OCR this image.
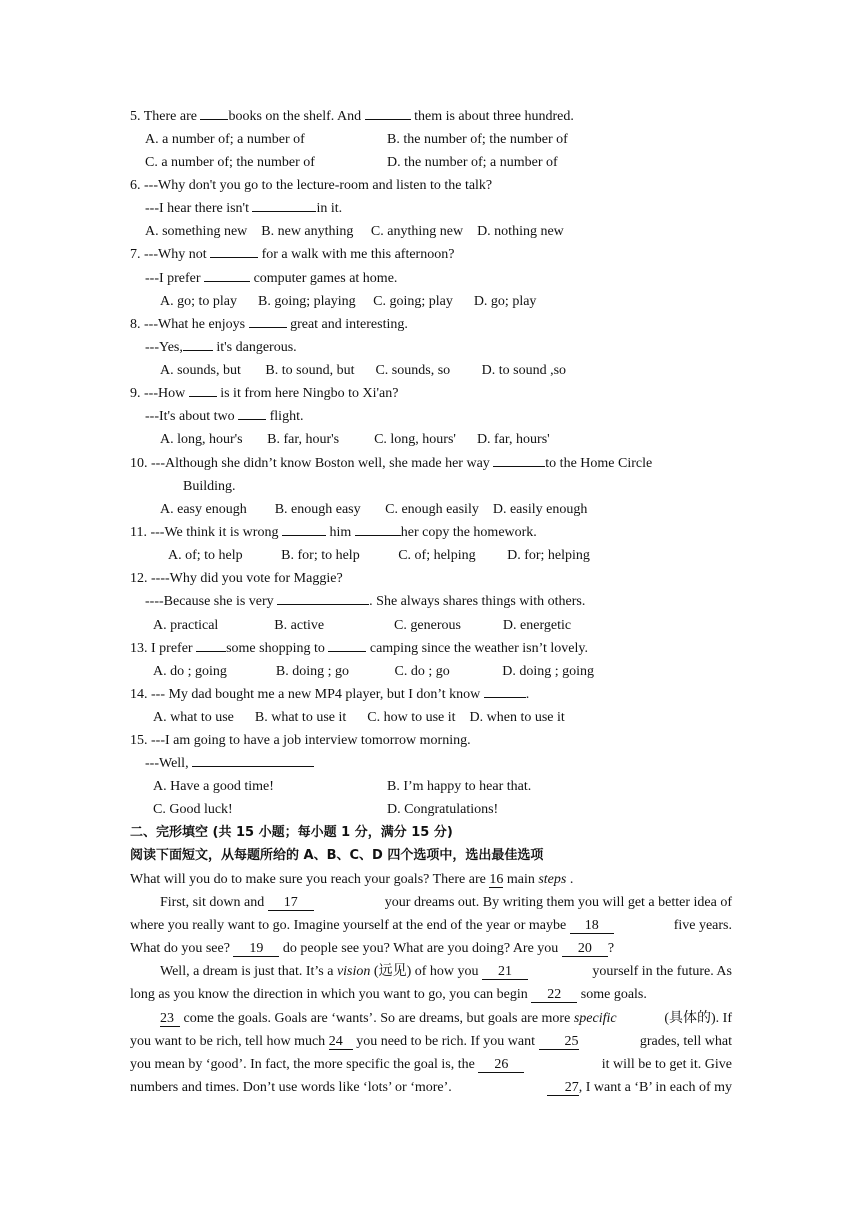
5. There are books on the shelf. And	them is about three hundred.
A. a number of; a number of	B. the number of; the number of
C. a number of; the number of	D. the number of; a number of
6. ---Why don't you go to the lecture-room and listen to the talk?
---I hear there isn't	in it.
A. something new    B. new anything     C. anything new    D. nothing new
7. ---Why not	for a walk with me this afternoon?
---I prefer	computer games at home.
A. go; to play      B. going; playing     C. going; play      D. go; play
8. ---What he enjoys	great and interesting.
---Yes, it's dangerous.
A. sounds, but       B. to sound, but      C. sounds, so         D. to sound ,so
9. ---How  is it from here Ningbo to Xi'an?
---It's about two  flight.
A. long, hour's       B. far, hour's          C. long, hours'      D. far, hours'
10. ---Although she didn’t know Boston well, she made her way	to the Home Circle
Building.
A. easy enough        B. enough easy       C. enough easily    D. easily enough
11. ---We think it is wrong	him	her copy the homework.
A. of; to help           B. for; to help           C. of; helping         D. for; helping
12. ----Why did you vote for Maggie?
----Because she is very	. She always shares things with others.
A. practical                B. active                    C. generous            D. energetic
13. I prefer some shopping to	camping since the weather isn’t lovely.
A. do ; going              B. doing ; go             C. do ; go               D. doing ; going
14. --- My dad bought me a new MP4 player, but I don’t know	.
A. what to use      B. what to use it      C. how to use it    D. when to use it
15. ---I am going to have a job interview tomorrow morning.
---Well,
A. Have a good time!	B. I’m happy to hear that.
C. Good luck!	D. Congratulations!
二、完形填空 (共 15 小题；每小题 1 分，满分 15 分)
阅读下面短文，从每题所给的 A、B、C、D 四个选项中，选出最佳选项
What will you do to make sure you reach your goals? There are 16 main steps .
First, sit down and 17	your dreams out. By writing them you will get a better idea of
where you really want to go. Imagine yourself at the end of the year or maybe 18	five years.
What do you see? 19 do people see you? What are you doing? Are you 20 ?
Well, a dream is just that. It’s a vision (远见) of how you 21	yourself in the future. As
long as you know the direction in which you want to go, you can begin 22 some goals.
23 come the goals. Goals are ‘wants’. So are dreams, but goals are more specific	(具体的). If
you want to be rich, tell how much 24 you need to be rich. If you want 25	grades, tell what
you mean by ‘good’. In fact, the more specific the goal is, the 26	it will be to get it. Give
numbers and times. Don’t use words like ‘lots’ or ‘more’.	27, I want a ‘B’ in each of my
